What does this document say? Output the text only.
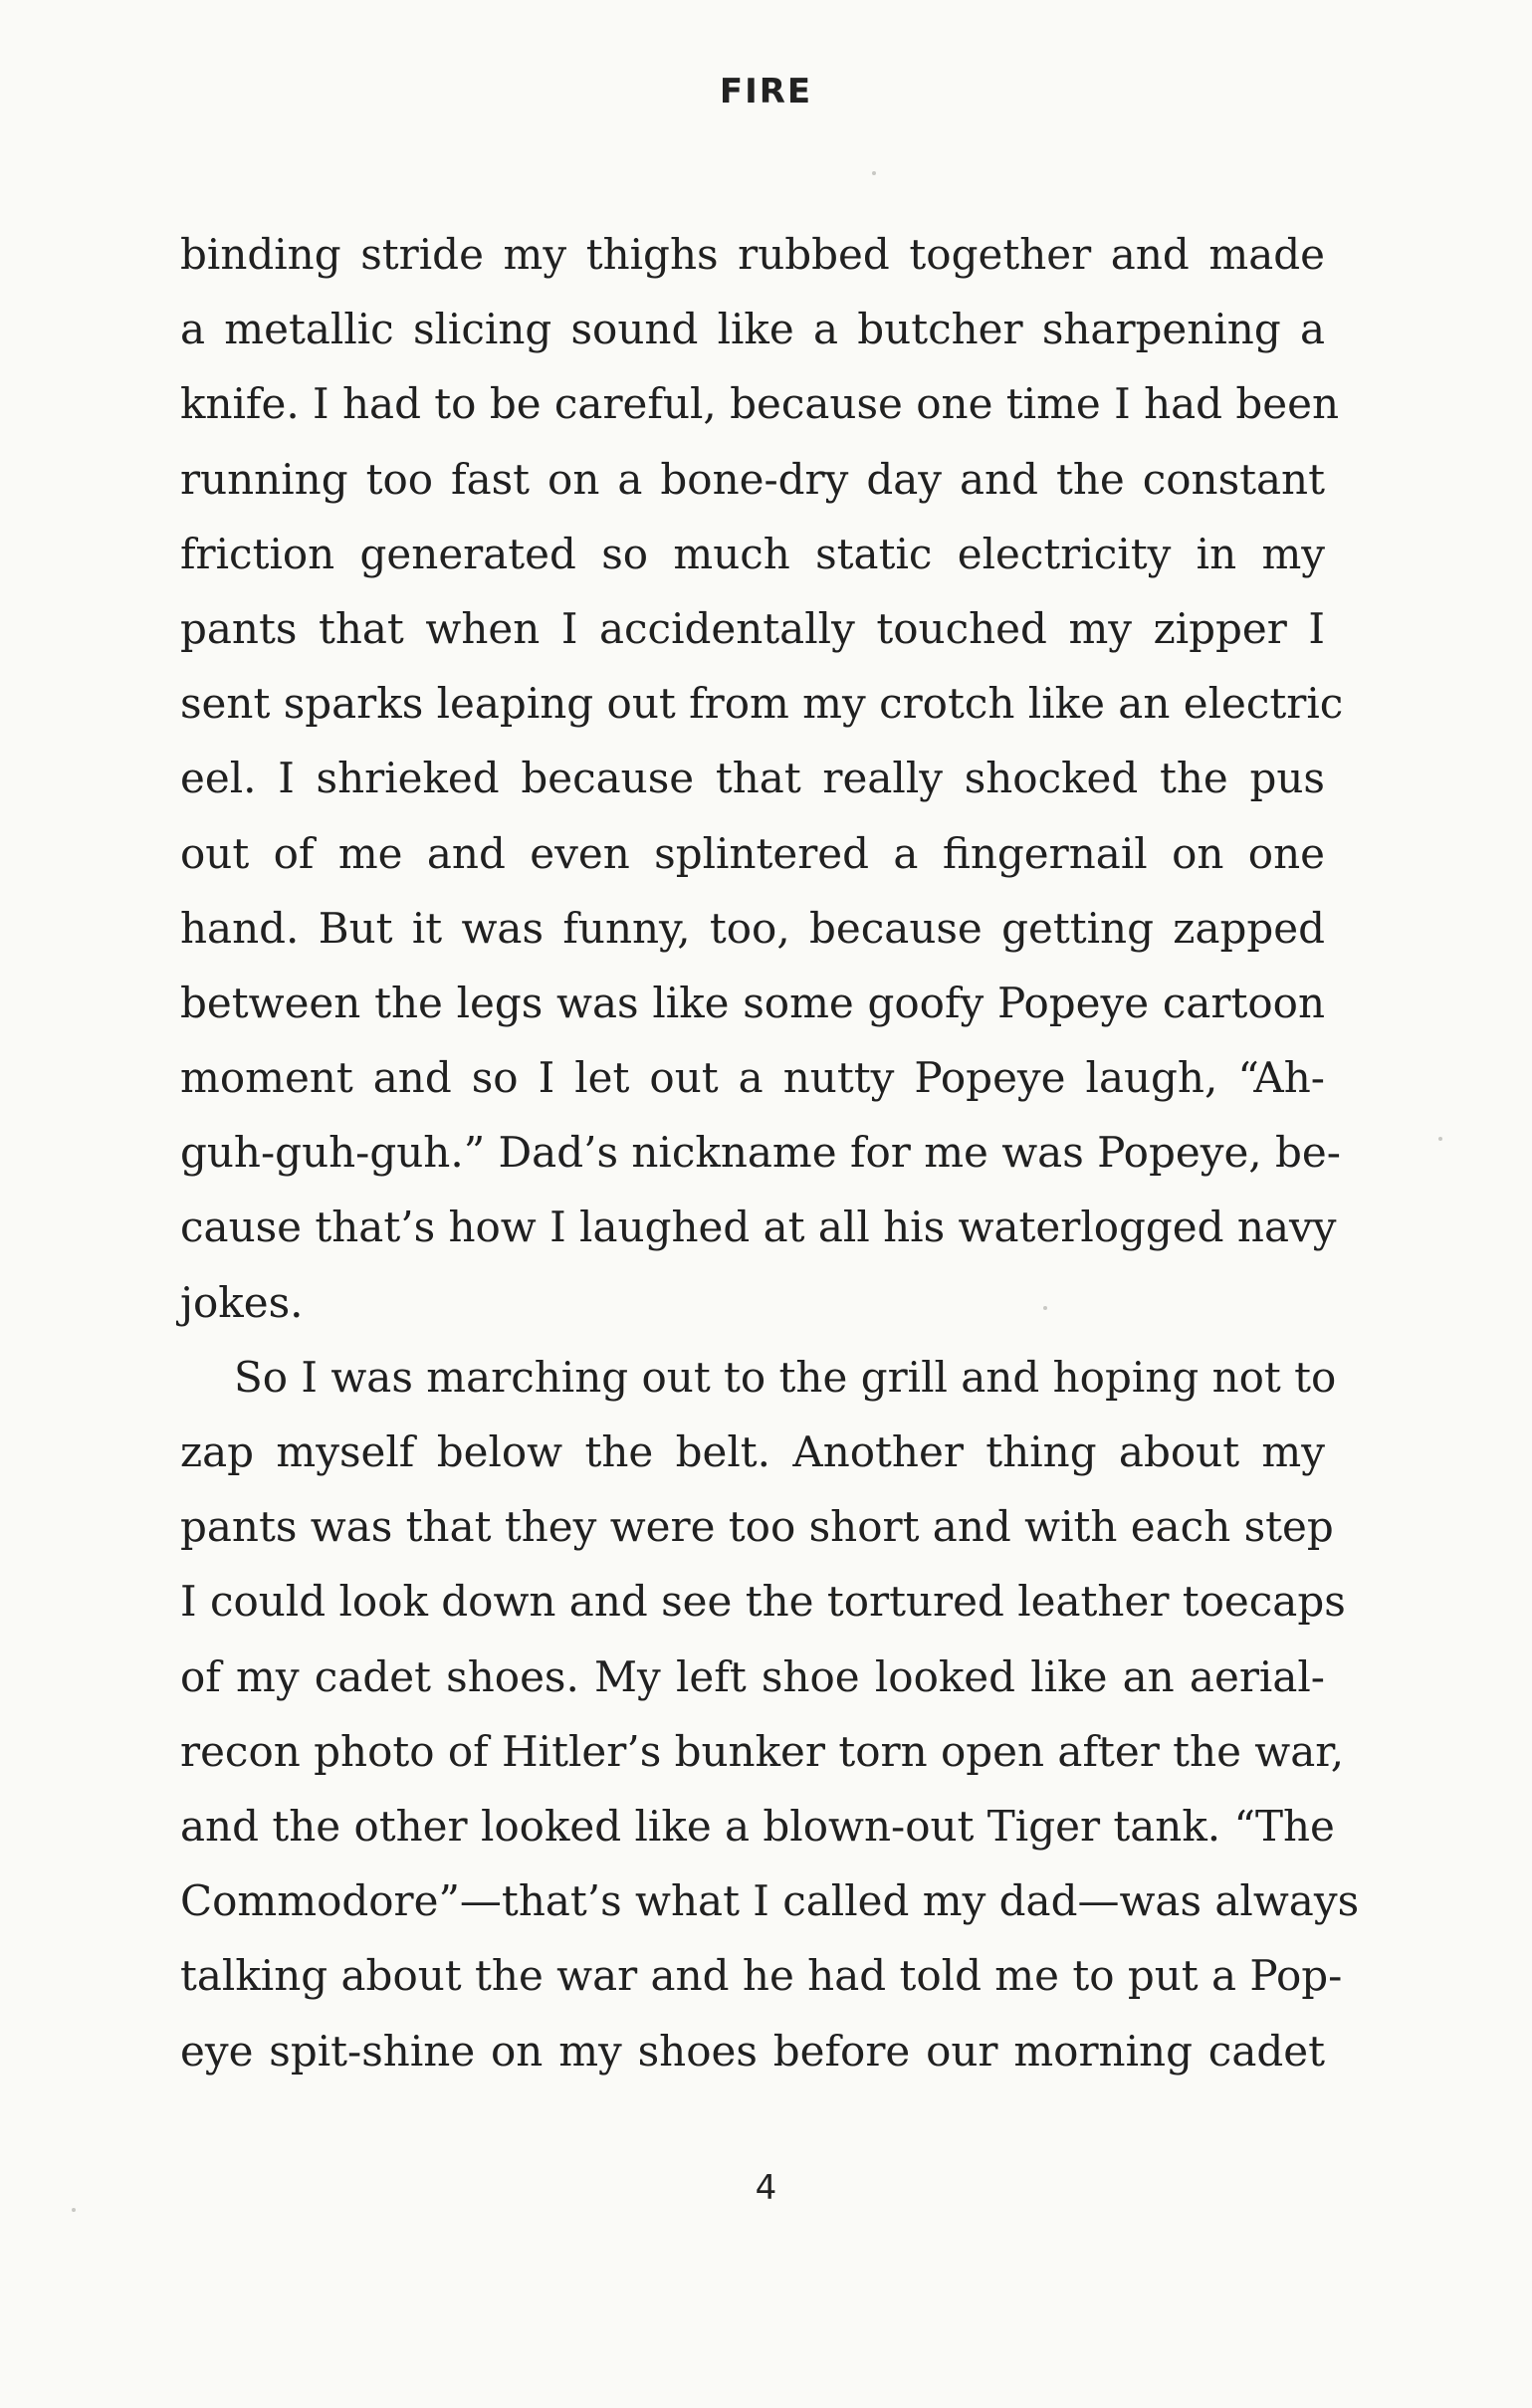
FIRE
binding stride my thighs rubbed together and made
a metallic slicing sound like a butcher sharpening a
knife. I had to be careful, because one time I had been
running too fast on a bone-dry day and the constant
friction generated so much static electricity in my
pants that when I accidentally touched my zipper I
sent sparks leaping out from my crotch like an electric
eel. I shrieked because that really shocked the pus
out of me and even splintered a fingernail on one
hand. But it was funny, too, because getting zapped
between the legs was like some goofy Popeye cartoon
moment and so I let out a nutty Popeye laugh, “Ah-
guh-guh-guh.” Dad’s nickname for me was Popeye, be-
cause that’s how I laughed at all his waterlogged navy
jokes.
So I was marching out to the grill and hoping not to
zap myself below the belt. Another thing about my
pants was that they were too short and with each step
I could look down and see the tortured leather toecaps
of my cadet shoes. My left shoe looked like an aerial-
recon photo of Hitler’s bunker torn open after the war,
and the other looked like a blown-out Tiger tank. “The
Commodore”—that’s what I called my dad—was always
talking about the war and he had told me to put a Pop-
eye spit-shine on my shoes before our morning cadet
4
